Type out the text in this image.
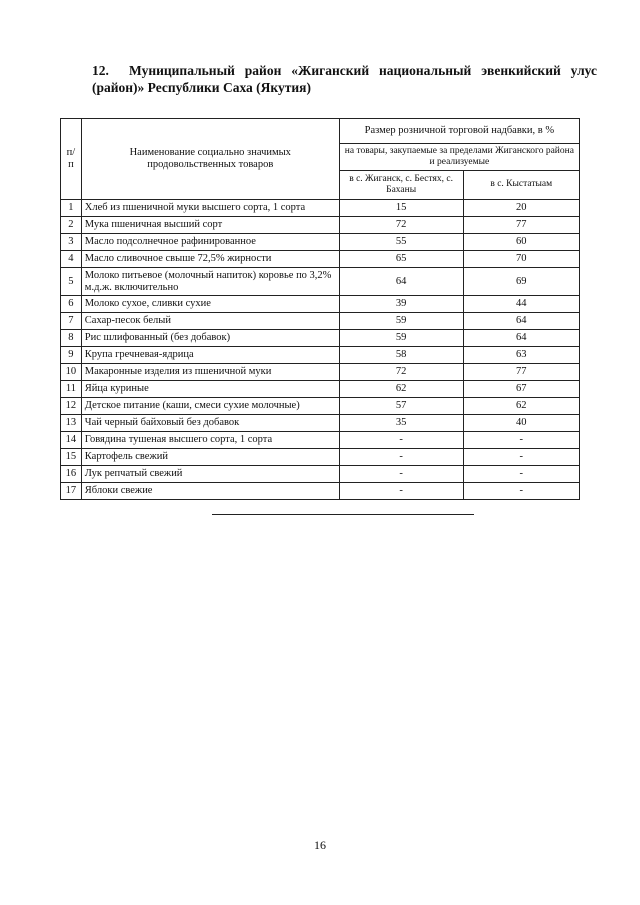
12. Муниципальный район «Жиганский национальный эвенкийский улус (район)» Республики Саха (Якутия)
п/п	Наименование социально значимых продовольственных товаров	Размер розничной торговой надбавки, в %	
		на товары, закупаемые за пределами Жиганского района и реализуемые	
		в с. Жиганск, с. Бестях, с. Баханы	в с. Кыстатыам
1	Хлеб из пшеничной муки высшего сорта, 1 сорта	15	20
2	Мука пшеничная высший сорт	72	77
3	Масло подсолнечное рафинированное	55	60
4	Масло сливочное свыше 72,5% жирности	65	70
5	Молоко питьевое (молочный напиток) коровье по 3,2% м.д.ж. включительно	64	69
6	Молоко сухое, сливки сухие	39	44
7	Сахар-песок белый	59	64
8	Рис шлифованный (без добавок)	59	64
9	Крупа гречневая-ядрица	58	63
10	Макаронные изделия из пшеничной муки	72	77
11	Яйца куриные	62	67
12	Детское питание (каши, смеси сухие молочные)	57	62
13	Чай черный байховый без добавок	35	40
14	Говядина тушеная высшего сорта, 1 сорта	-	-
15	Картофель свежий	-	-
16	Лук репчатый свежий	-	-
17	Яблоки свежие	-	-
16
